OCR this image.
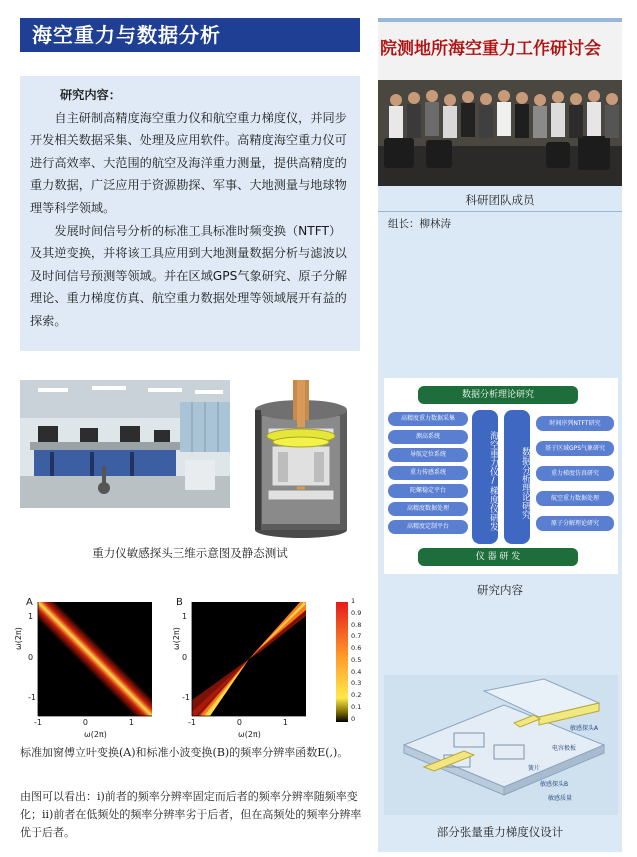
海空重力与数据分析
研究内容：

自主研制高精度海空重力仪和航空重力梯度仪，并同步开发相关数据采集、处理及应用软件。高精度海空重力仪可进行高效率、大范围的航空及海洋重力测量，提供高精度的重力数据，广泛应用于资源勘探、军事、大地测量与地球物理等科学领域。

发展时间信号分析的标准工具标准时频变换（NTFT）及其逆变换，并将该工具应用到大地测量数据分析与滤波以及时间信号预测等领域。并在区域GPS气象研究、原子分解理论、重力梯度仿真、航空重力数据处理等领域展开有益的探索。

院测地所海空重力工作研讨会
科研团队成员
组长：柳林涛
重力仪敏感探头三维示意图及静态测试
数据分析理论研究
仪 器 研 发
海空重力仪/梯度仪研发	数据分析理论研究
高精度重力数据采集
测高系统
导航定位系统
重力传感系统
陀螺稳定平台
高精度数据处理
高精度定制平台
时间序列NTFT研究
基于区域GPS气象研究
重力梯度仿真研究
航空重力数据处理
原子分解理论研究
研究内容
A	B
ω(2π)	ω(2π)
-1	0	1	-1	0	1
1
0
-1
1
0
-1
ω(2π)	ω(2π)
1
0.9
0.8
0.7
0.6
0.5
0.4
0.3
0.2
0.1
0
标准加窗傅立叶变换(A)和标准小波变换(B)的频率分辨率函数E(,)。
由图可以看出：i)前者的频率分辨率固定而后者的频率分辨率随频率变化；ii)前者在低频处的频率分辨率劣于后者，但在高频处的频率分辨率优于后者。
敏感探头A
电容极板
簧片
敏感探头B
敏感质量
部分张量重力梯度仪设计
